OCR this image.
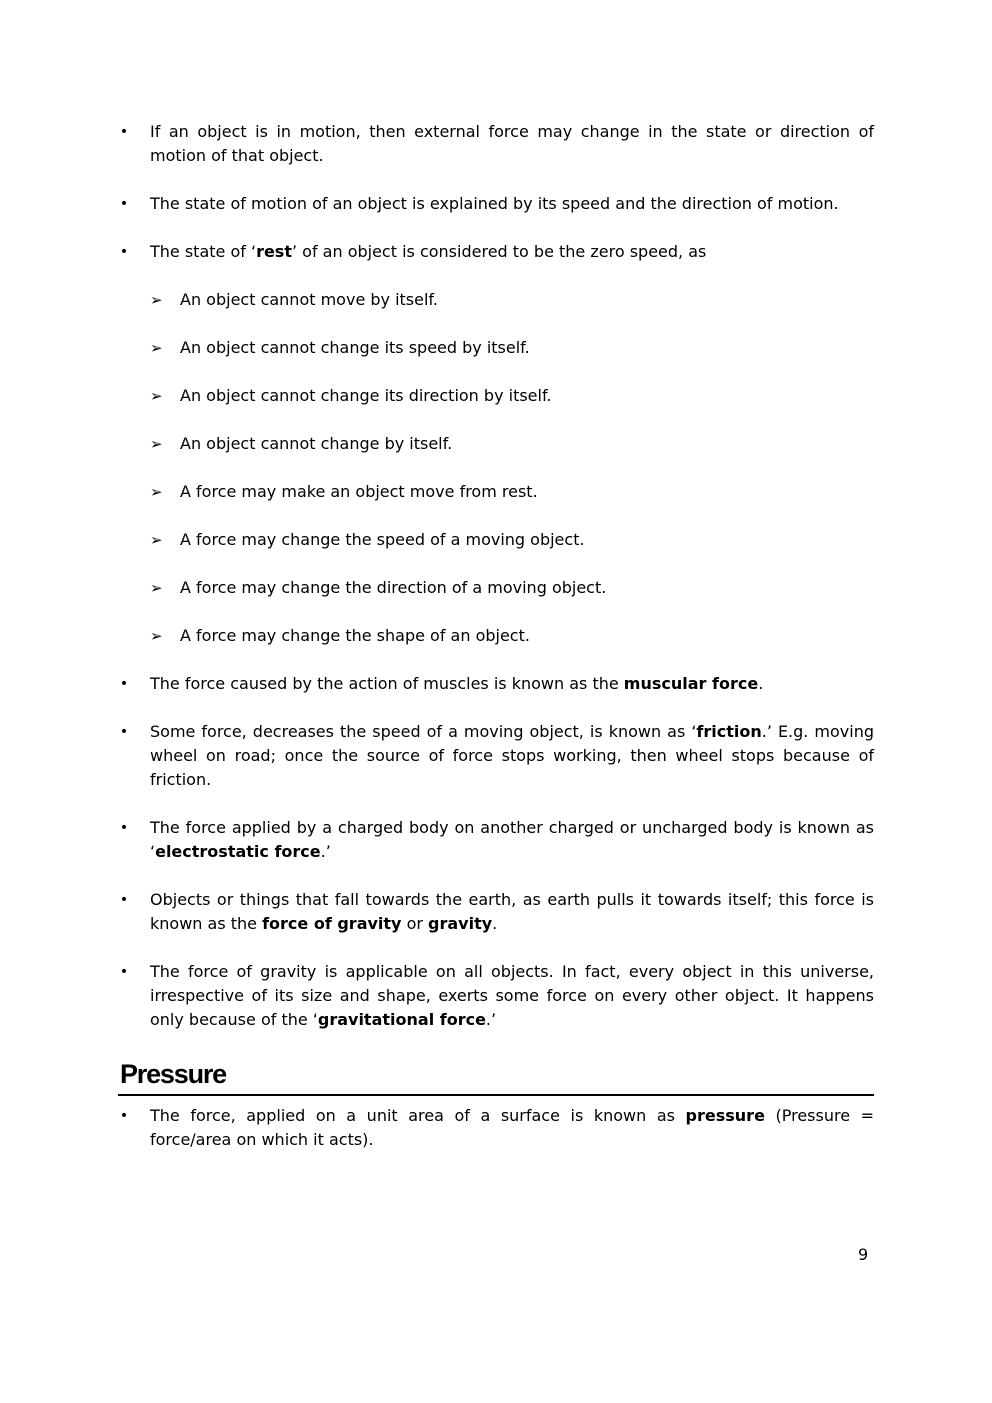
• If an object is in motion, then external force may change in the state or direction of motion of that object.
• The state of motion of an object is explained by its speed and the direction of motion.
• The state of ‘rest’ of an object is considered to be the zero speed, as
➢ An object cannot move by itself.
➢ An object cannot change its speed by itself.
➢ An object cannot change its direction by itself.
➢ An object cannot change by itself.
➢ A force may make an object move from rest.
➢ A force may change the speed of a moving object.
➢ A force may change the direction of a moving object.
➢ A force may change the shape of an object.
• The force caused by the action of muscles is known as the muscular force.
• Some force, decreases the speed of a moving object, is known as ‘friction.’ E.g. moving wheel on road; once the source of force stops working, then wheel stops because of friction.
• The force applied by a charged body on another charged or uncharged body is known as ‘electrostatic force.’
• Objects or things that fall towards the earth, as earth pulls it towards itself; this force is known as the force of gravity or gravity.
• The force of gravity is applicable on all objects. In fact, every object in this universe, irrespective of its size and shape, exerts some force on every other object. It happens only because of the ‘gravitational force.’
Pressure
• The force, applied on a unit area of a surface is known as pressure (Pressure = force/area on which it acts).
9
